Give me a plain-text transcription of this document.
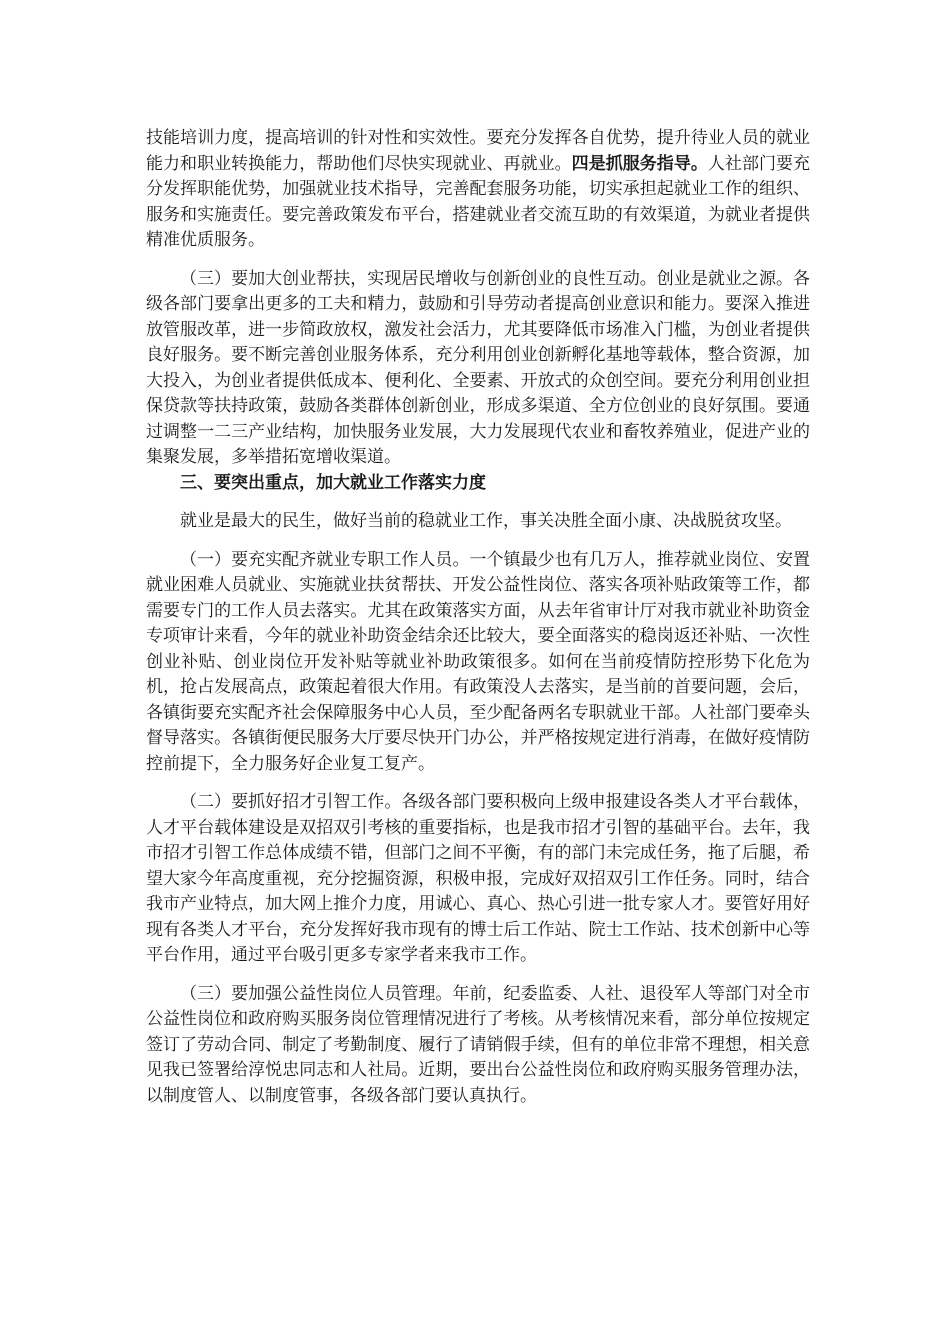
技能培训力度，提高培训的针对性和实效性。要充分发挥各自优势，提升待业人员的就业能力和职业转换能力，帮助他们尽快实现就业、再就业。四是抓服务指导。人社部门要充分发挥职能优势，加强就业技术指导，完善配套服务功能，切实承担起就业工作的组织、服务和实施责任。要完善政策发布平台，搭建就业者交流互助的有效渠道，为就业者提供精准优质服务。

（三）要加大创业帮扶，实现居民增收与创新创业的良性互动。创业是就业之源。各级各部门要拿出更多的工夫和精力，鼓励和引导劳动者提高创业意识和能力。要深入推进放管服改革，进一步简政放权，激发社会活力，尤其要降低市场准入门槛，为创业者提供良好服务。要不断完善创业服务体系，充分利用创业创新孵化基地等载体，整合资源，加大投入，为创业者提供低成本、便利化、全要素、开放式的众创空间。要充分利用创业担保贷款等扶持政策，鼓励各类群体创新创业，形成多渠道、全方位创业的良好氛围。要通过调整一二三产业结构，加快服务业发展，大力发展现代农业和畜牧养殖业，促进产业的集聚发展，多举措拓宽增收渠道。

三、要突出重点，加大就业工作落实力度

就业是最大的民生，做好当前的稳就业工作，事关决胜全面小康、决战脱贫攻坚。

（一）要充实配齐就业专职工作人员。一个镇最少也有几万人，推荐就业岗位、安置就业困难人员就业、实施就业扶贫帮扶、开发公益性岗位、落实各项补贴政策等工作，都需要专门的工作人员去落实。尤其在政策落实方面，从去年省审计厅对我市就业补助资金专项审计来看，今年的就业补助资金结余还比较大，要全面落实的稳岗返还补贴、一次性创业补贴、创业岗位开发补贴等就业补助政策很多。如何在当前疫情防控形势下化危为机，抢占发展高点，政策起着很大作用。有政策没人去落实，是当前的首要问题，会后，各镇街要充实配齐社会保障服务中心人员，至少配备两名专职就业干部。人社部门要牵头督导落实。各镇街便民服务大厅要尽快开门办公，并严格按规定进行消毒，在做好疫情防控前提下，全力服务好企业复工复产。

（二）要抓好招才引智工作。各级各部门要积极向上级申报建设各类人才平台载体，人才平台载体建设是双招双引考核的重要指标，也是我市招才引智的基础平台。去年，我市招才引智工作总体成绩不错，但部门之间不平衡，有的部门未完成任务，拖了后腿，希望大家今年高度重视，充分挖掘资源，积极申报，完成好双招双引工作任务。同时，结合我市产业特点，加大网上推介力度，用诚心、真心、热心引进一批专家人才。要管好用好现有各类人才平台，充分发挥好我市现有的博士后工作站、院士工作站、技术创新中心等平台作用，通过平台吸引更多专家学者来我市工作。

（三）要加强公益性岗位人员管理。年前，纪委监委、人社、退役军人等部门对全市公益性岗位和政府购买服务岗位管理情况进行了考核。从考核情况来看，部分单位按规定签订了劳动合同、制定了考勤制度、履行了请销假手续，但有的单位非常不理想，相关意见我已签署给淳悦忠同志和人社局。近期，要出台公益性岗位和政府购买服务管理办法，以制度管人、以制度管事，各级各部门要认真执行。
